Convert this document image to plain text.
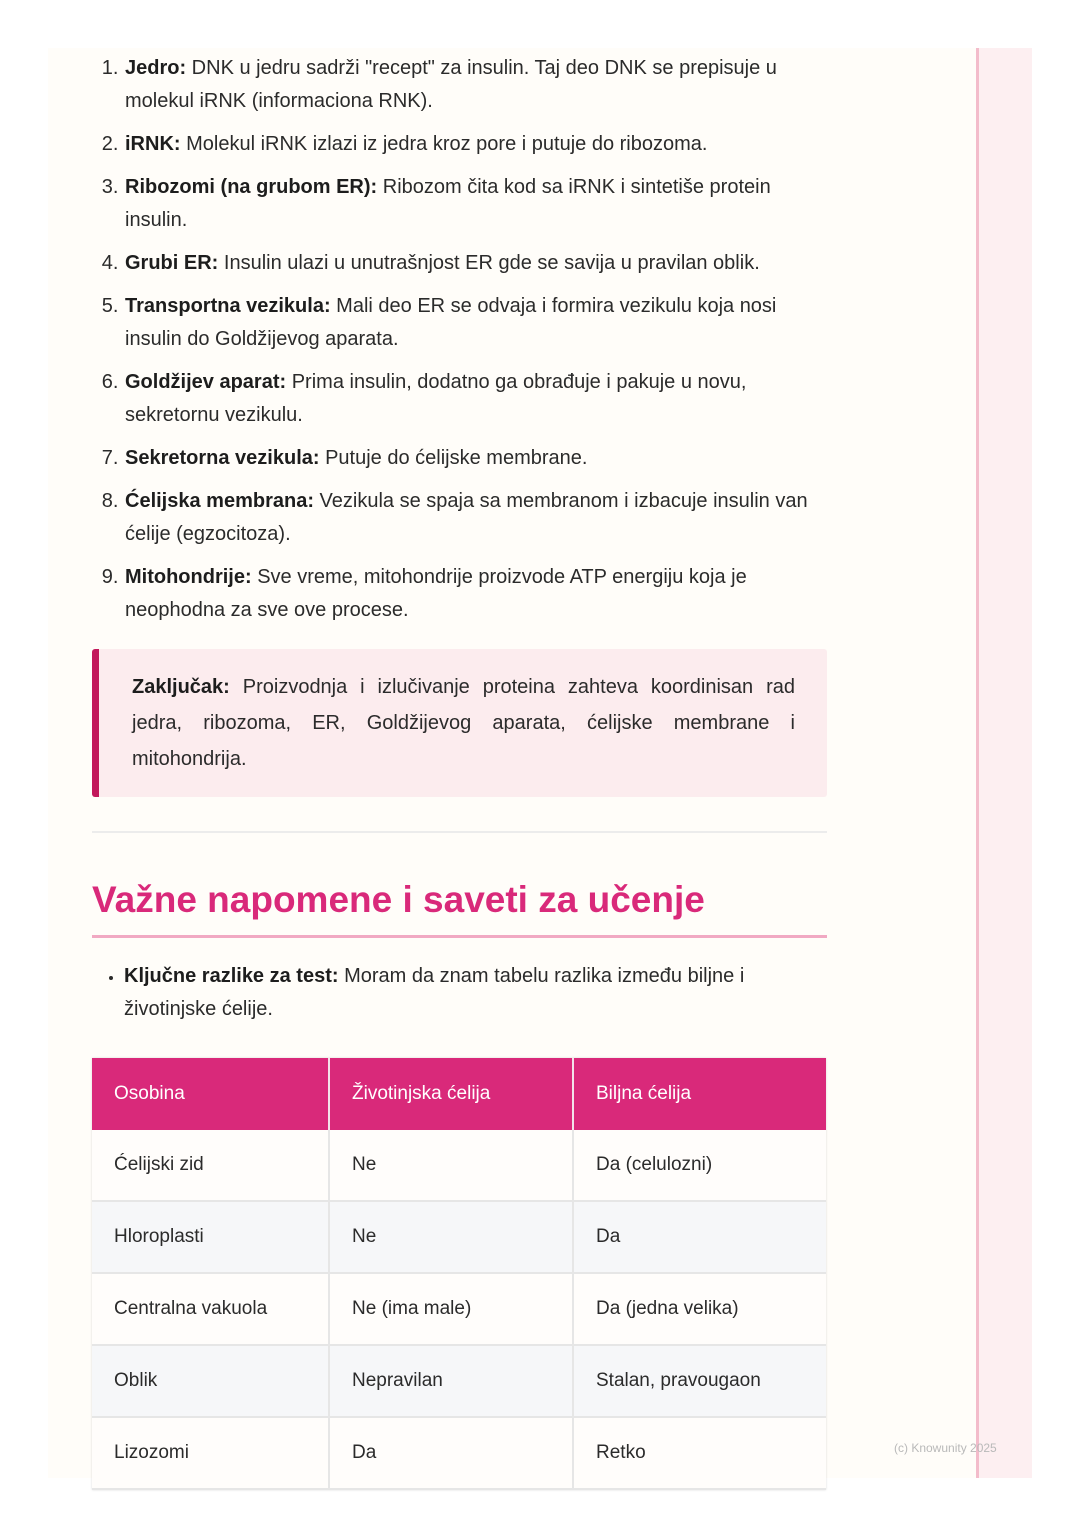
1. Jedro: DNK u jedru sadrži "recept" za insulin. Taj deo DNK se prepisuje u molekul iRNK (informaciona RNK).
2. iRNK: Molekul iRNK izlazi iz jedra kroz pore i putuje do ribozoma.
3. Ribozomi (na grubom ER): Ribozom čita kod sa iRNK i sintetiše protein insulin.
4. Grubi ER: Insulin ulazi u unutrašnjost ER gde se savija u pravilan oblik.
5. Transportna vezikula: Mali deo ER se odvaja i formira vezikulu koja nosi insulin do Goldžijevog aparata.
6. Goldžijev aparat: Prima insulin, dodatno ga obrađuje i pakuje u novu, sekretornu vezikulu.
7. Sekretorna vezikula: Putuje do ćelijske membrane.
8. Ćelijska membrana: Vezikula se spaja sa membranom i izbacuje insulin van ćelije (egzocitoza).
9. Mitohondrije: Sve vreme, mitohondrije proizvode ATP energiju koja je neophodna za sve ove procese.
Zaključak: Proizvodnja i izlučivanje proteina zahteva koordinisan rad jedra, ribozoma, ER, Goldžijevog aparata, ćelijske membrane i mitohondrija.
Važne napomene i saveti za učenje
• Ključne razlike za test: Moram da znam tabelu razlika između biljne i životinjske ćelije.
Osobina	Životinjska ćelija	Biljna ćelija
Ćelijski zid	Ne	Da (celulozni)
Hloroplasti	Ne	Da
Centralna vakuola	Ne (ima male)	Da (jedna velika)
Oblik	Nepravilan	Stalan, pravougaon
Lizozomi	Da	Retko	(c) Knowunity 2025
